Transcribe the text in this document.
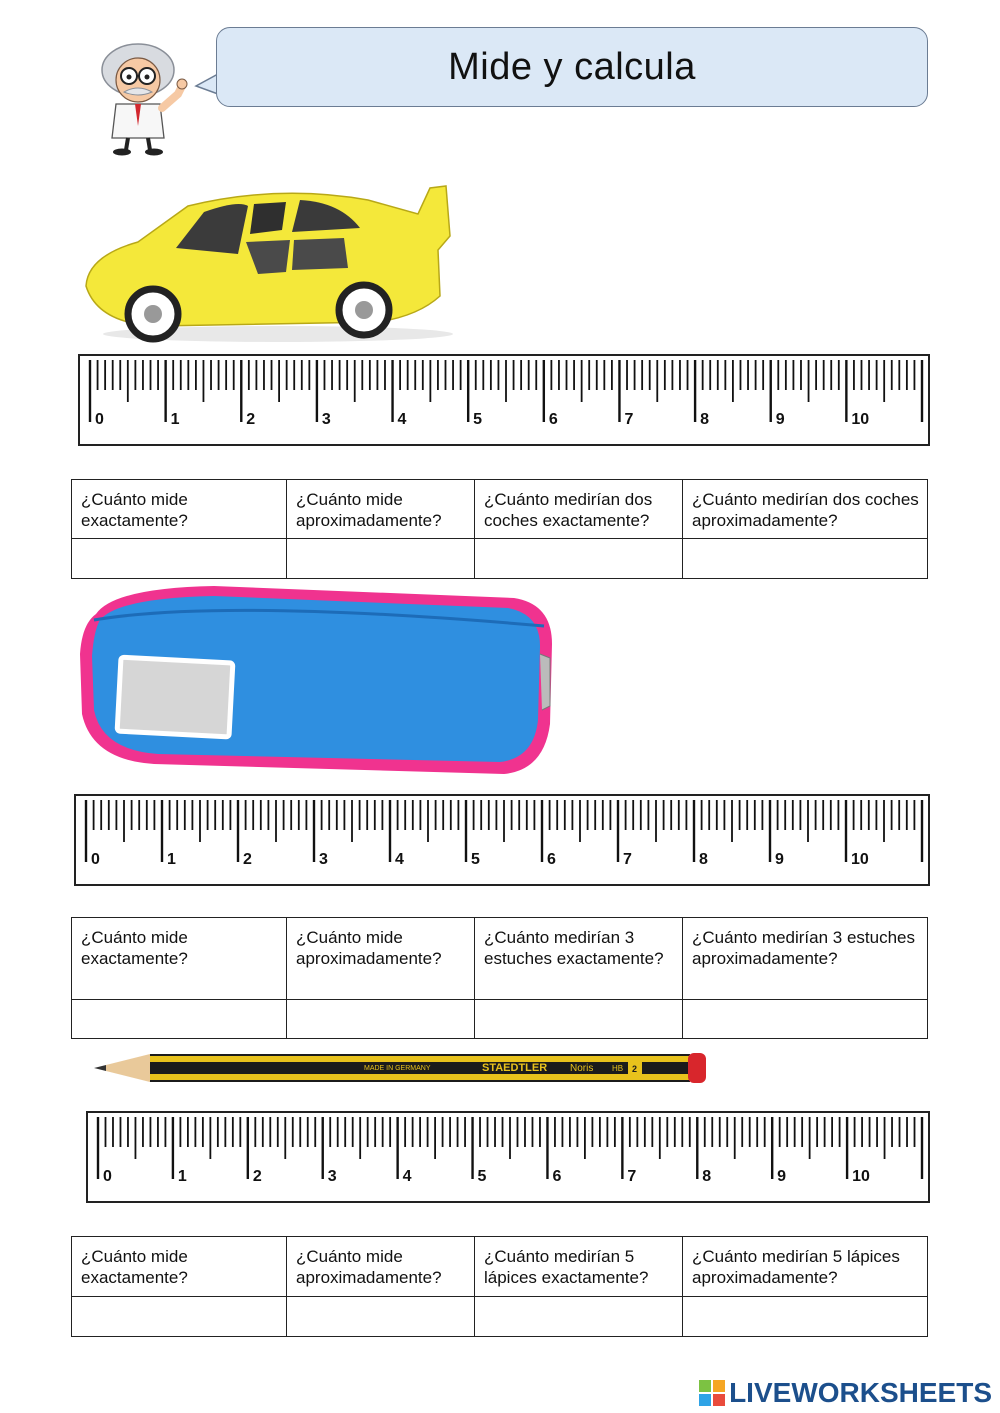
Mide y calcula
0	1	2	3	4	5	6	7	8	9	10
¿Cuánto mide exactamente?	¿Cuánto mide aproximadamente?	¿Cuánto medirían dos coches exactamente?	¿Cuánto medirían dos coches aproximadamente?

0	1	2	3	4	5	6	7	8	9	10
¿Cuánto mide exactamente?	¿Cuánto mide aproximadamente?	¿Cuánto medirían 3 estuches exactamente?	¿Cuánto medirían 3 estuches aproximadamente?

MADE IN GERMANY	STAEDTLER Noris HB 2
0	1	2	3	4	5	6	7	8	9	10
¿Cuánto mide exactamente?	¿Cuánto mide aproximadamente?	¿Cuánto medirían 5 lápices exactamente?	¿Cuánto medirían 5 lápices aproximadamente?

LIVEWORKSHEETS
